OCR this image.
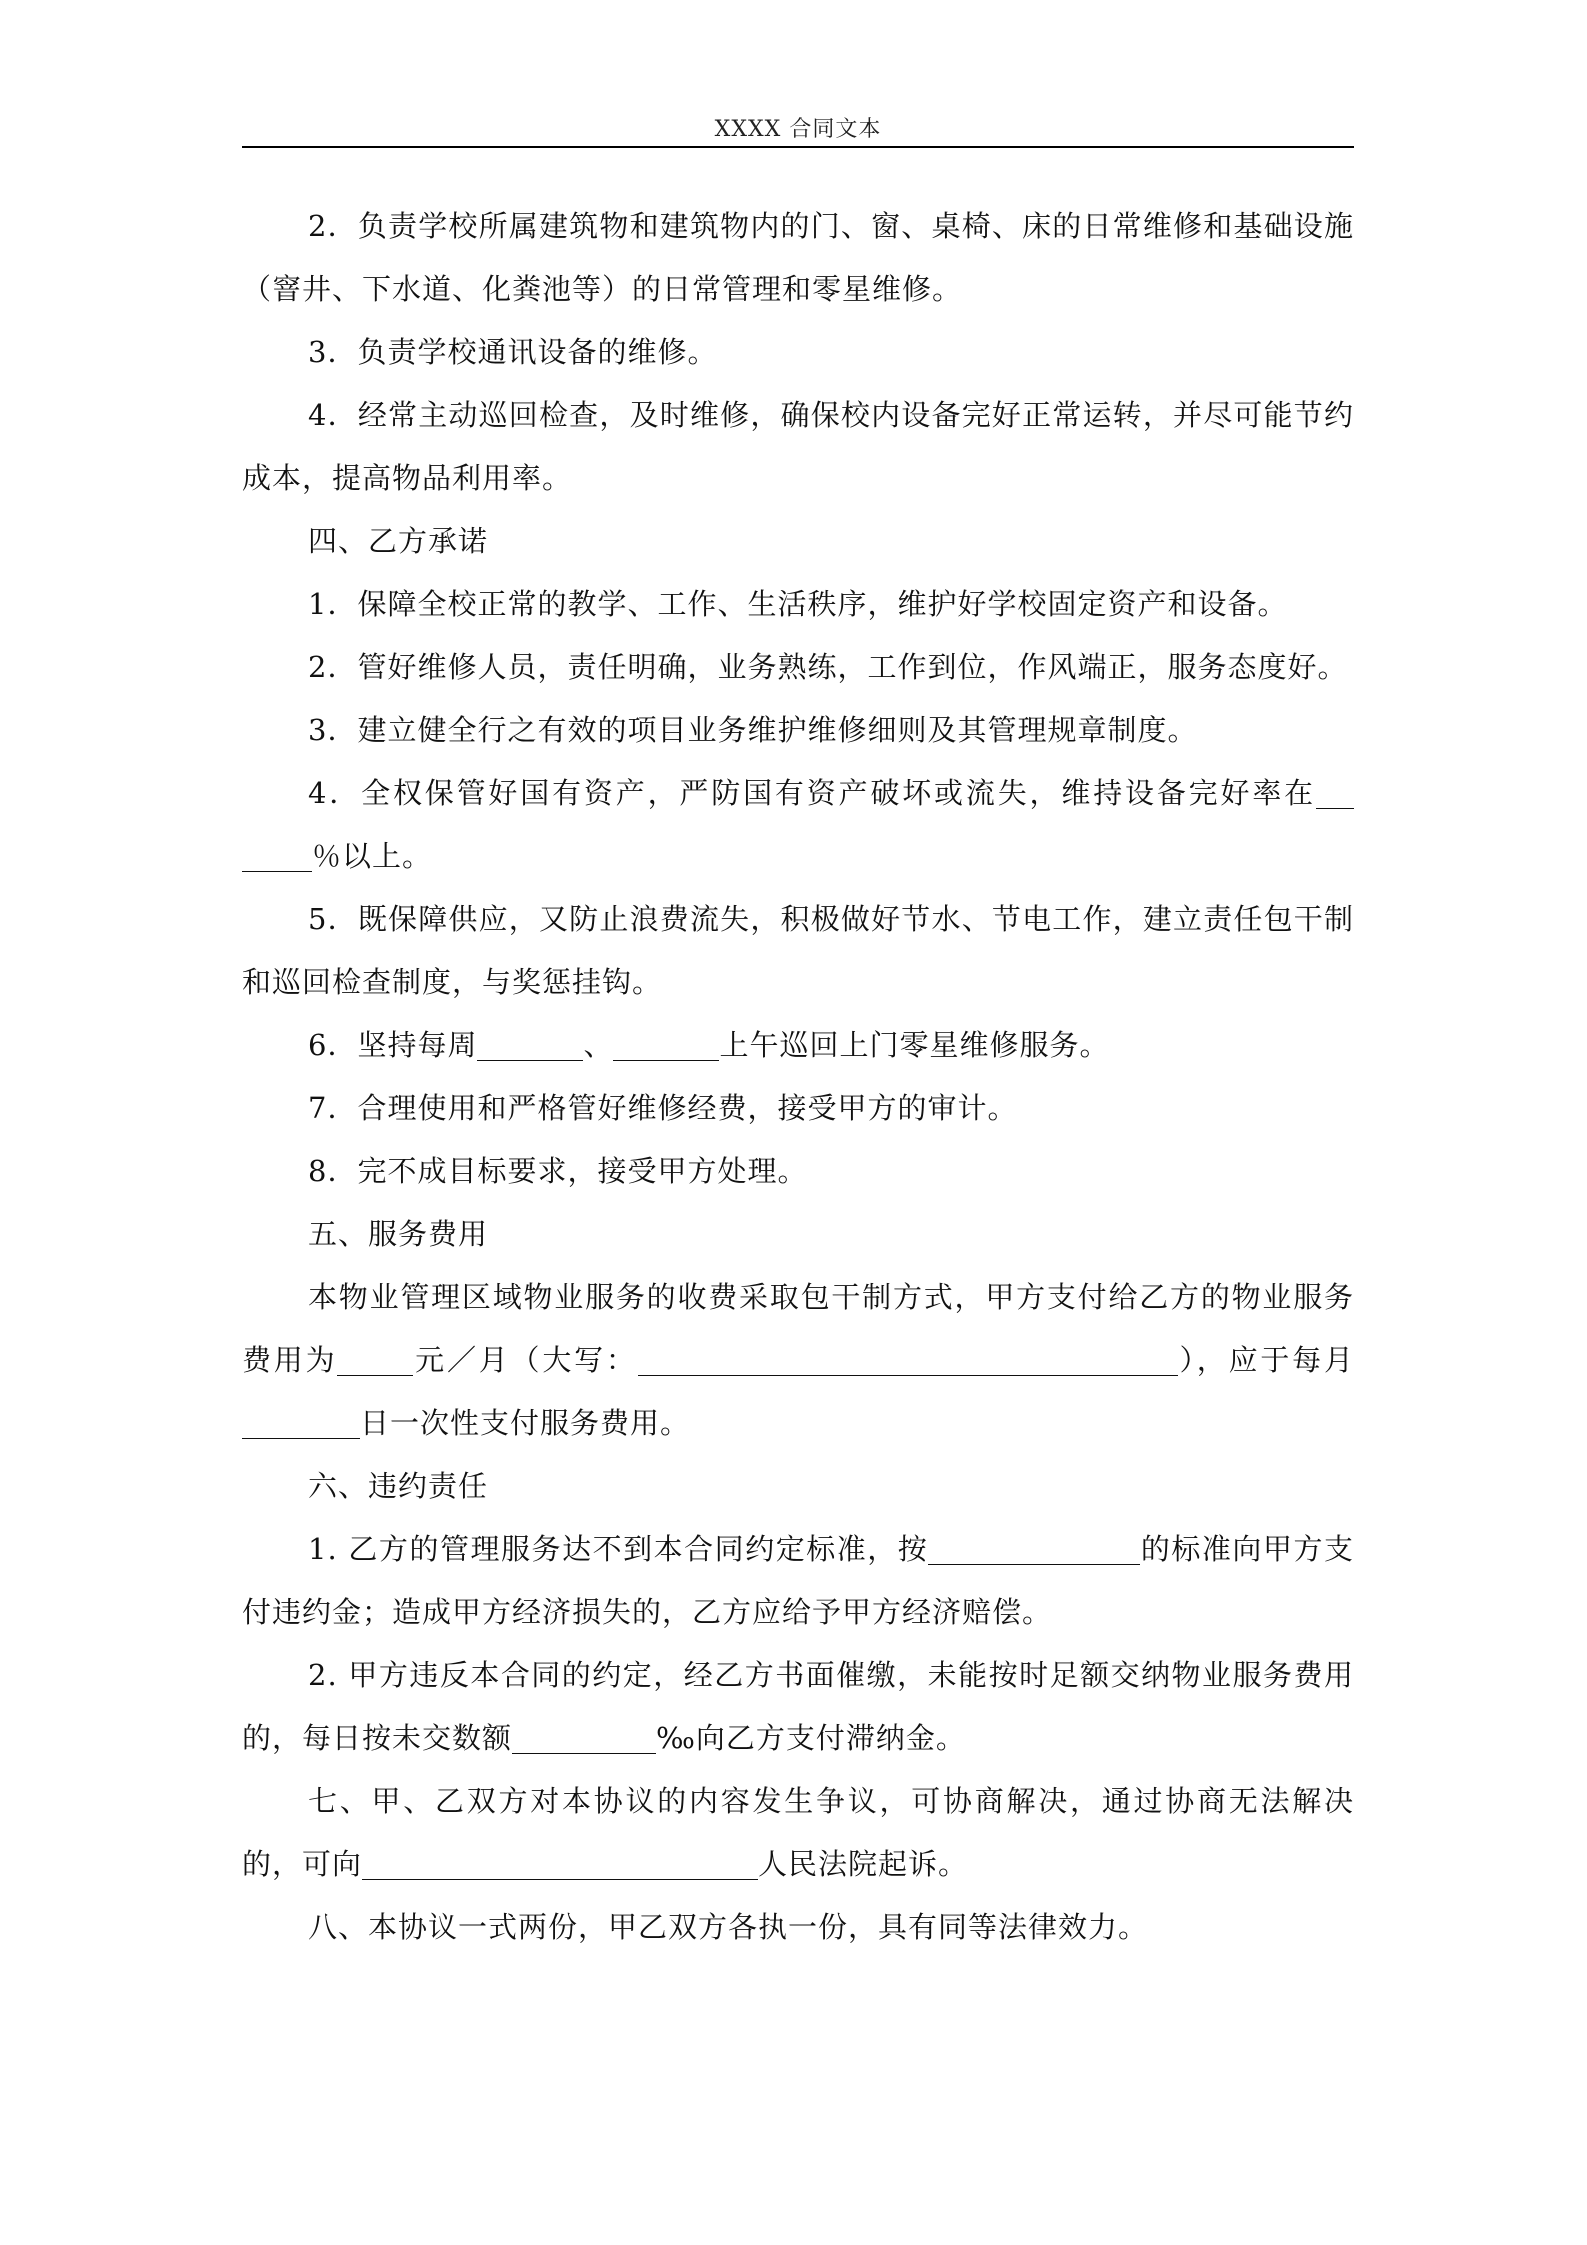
XXXX 合同文本

2．负责学校所属建筑物和建筑物内的门、窗、桌椅、床的日常维修和基础设施（窨井、下水道、化粪池等）的日常管理和零星维修。

3．负责学校通讯设备的维修。

4．经常主动巡回检查，及时维修，确保校内设备完好正常运转，并尽可能节约成本，提高物品利用率。

四、乙方承诺

1．保障全校正常的教学、工作、生活秩序，维护好学校固定资产和设备。

2．管好维修人员，责任明确，业务熟练，工作到位，作风端正，服务态度好。

3．建立健全行之有效的项目业务维护维修细则及其管理规章制度。

4．全权保管好国有资产，严防国有资产破坏或流失，维持设备完好率在％以上。

5．既保障供应，又防止浪费流失，积极做好节水、节电工作，建立责任包干制和巡回检查制度，与奖惩挂钩。

6．坚持每周	、	上午巡回上门零星维修服务。

7．合理使用和严格管好维修经费，接受甲方的审计。

8．完不成目标要求，接受甲方处理。

五、服务费用

本物业管理区域物业服务的收费采取包干制方式，甲方支付给乙方的物业服务费用为	元／月（大写：	），应于每月日一次性支付服务费用。

六、违约责任

1. 乙方的管理服务达不到本合同约定标准，按	的标准向甲方支付违约金；造成甲方经济损失的，乙方应给予甲方经济赔偿。

2. 甲方违反本合同的约定，经乙方书面催缴，未能按时足额交纳物业服务费用的，每日按未交数额	‰向乙方支付滞纳金。

七、甲、乙双方对本协议的内容发生争议，可协商解决，通过协商无法解决的，可向	人民法院起诉。

八、本协议一式两份，甲乙双方各执一份，具有同等法律效力。
